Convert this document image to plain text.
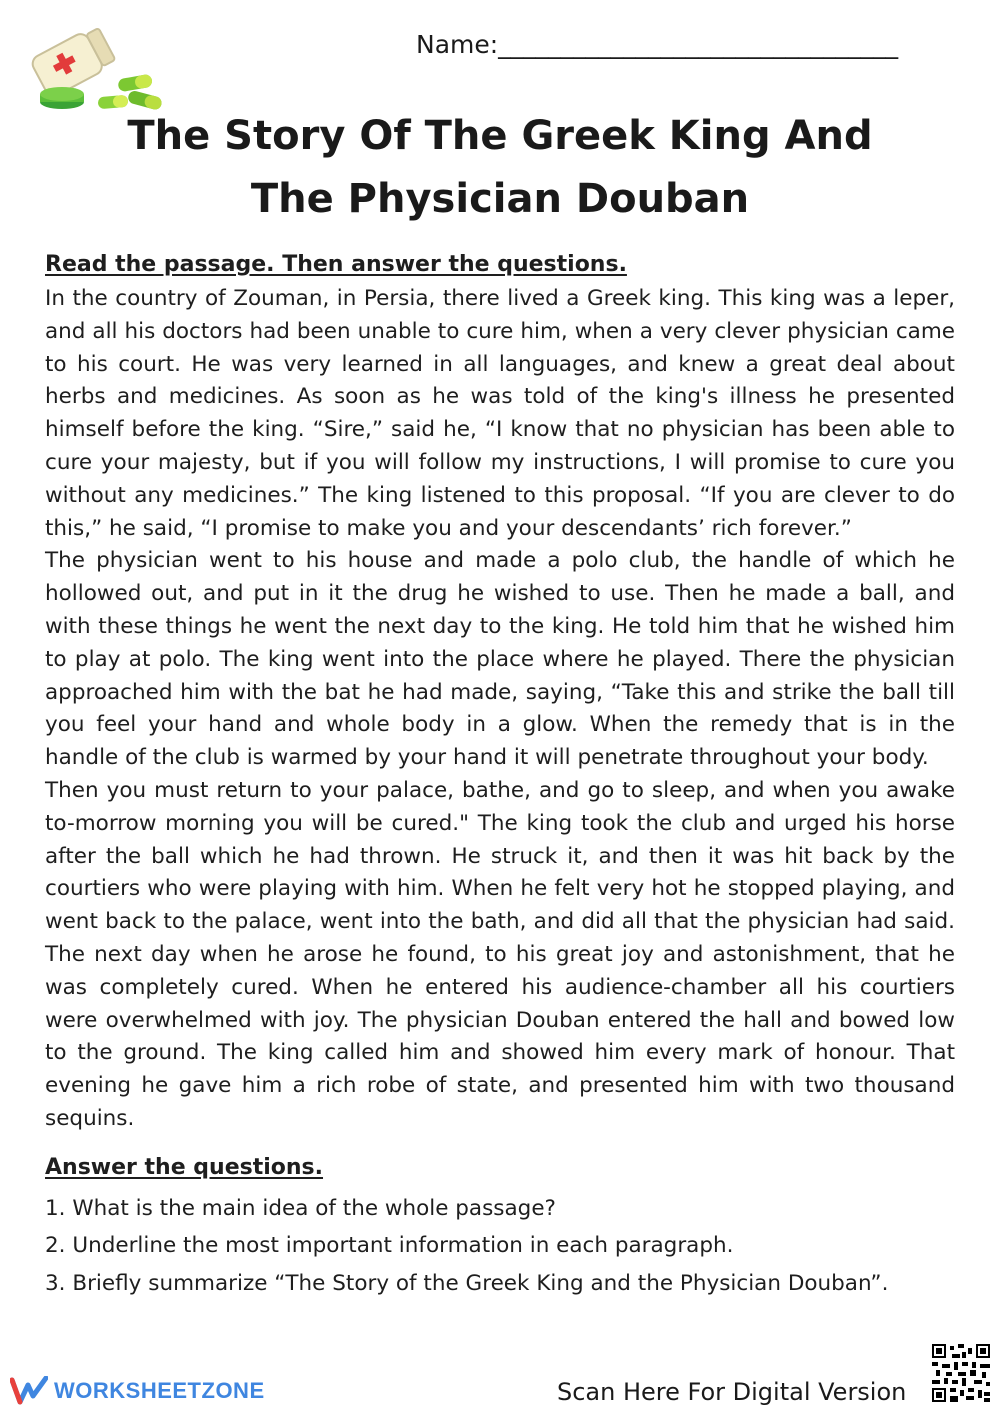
Name:________________________________
The Story Of The Greek King And
The Physician Douban

Read the passage. Then answer the questions.

In the country of Zouman, in Persia, there lived a Greek king. This king was a leper, and all his doctors had been unable to cure him, when a very clever physician came to his court. He was very learned in all languages, and knew a great deal about herbs and medicines. As soon as he was told of the king's illness he presented himself before the king. “Sire,” said he, “I know that no physician has been able to cure your majesty, but if you will follow my instructions, I will promise to cure you without any medicines.” The king listened to this proposal. “If you are clever to do this,” he said, “I promise to make you and your descendants’ rich forever.”

The physician went to his house and made a polo club, the handle of which he hollowed out, and put in it the drug he wished to use. Then he made a ball, and with these things he went the next day to the king. He told him that he wished him to play at polo. The king went into the place where he played. There the physician approached him with the bat he had made, saying, “Take this and strike the ball till you feel your hand and whole body in a glow. When the remedy that is in the handle of the club is warmed by your hand it will penetrate throughout your body.

Then you must return to your palace, bathe, and go to sleep, and when you awake to-morrow morning you will be cured." The king took the club and urged his horse after the ball which he had thrown. He struck it, and then it was hit back by the courtiers who were playing with him. When he felt very hot he stopped playing, and went back to the palace, went into the bath, and did all that the physician had said. The next day when he arose he found, to his great joy and astonishment, that he was completely cured. When he entered his audience-chamber all his courtiers were overwhelmed with joy. The physician Douban entered the hall and bowed low to the ground. The king called him and showed him every mark of honour. That evening he gave him a rich robe of state, and presented him with two thousand sequins.

Answer the questions.

1. What is the main idea of the whole passage?
2. Underline the most important information in each paragraph.
3. Briefly summarize “The Story of the Greek King and the Physician Douban”.
WORKSHEETZONE	Scan Here For Digital Version
